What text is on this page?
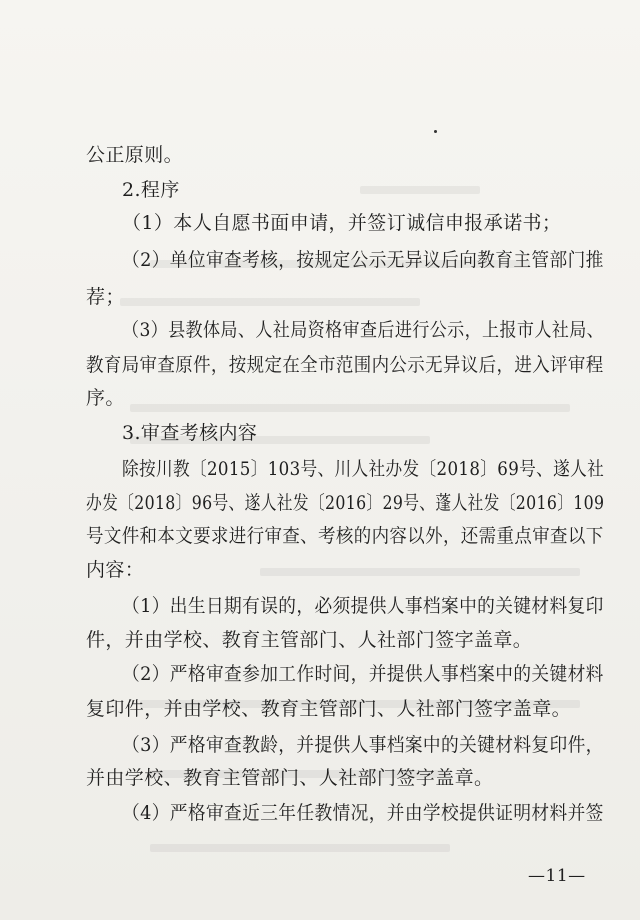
公正原则。
2.程序
（1）本人自愿书面申请，并签订诚信申报承诺书；
（2）单位审查考核，按规定公示无异议后向教育主管部门推
荐；
（3）县教体局、人社局资格审查后进行公示，上报市人社局、
教育局审查原件，按规定在全市范围内公示无异议后，进入评审程
序。
3.审查考核内容
除按川教〔2015〕103号、川人社办发〔2018〕69号、遂人社
办发〔2018〕96号、遂人社发〔2016〕29号、蓬人社发〔2016〕109
号文件和本文要求进行审查、考核的内容以外，还需重点审查以下
内容：
（1）出生日期有误的，必须提供人事档案中的关键材料复印
件，并由学校、教育主管部门、人社部门签字盖章。
（2）严格审查参加工作时间，并提供人事档案中的关键材料
复印件，并由学校、教育主管部门、人社部门签字盖章。
（3）严格审查教龄，并提供人事档案中的关键材料复印件，
并由学校、教育主管部门、人社部门签字盖章。
（4）严格审查近三年任教情况，并由学校提供证明材料并签
—11—
